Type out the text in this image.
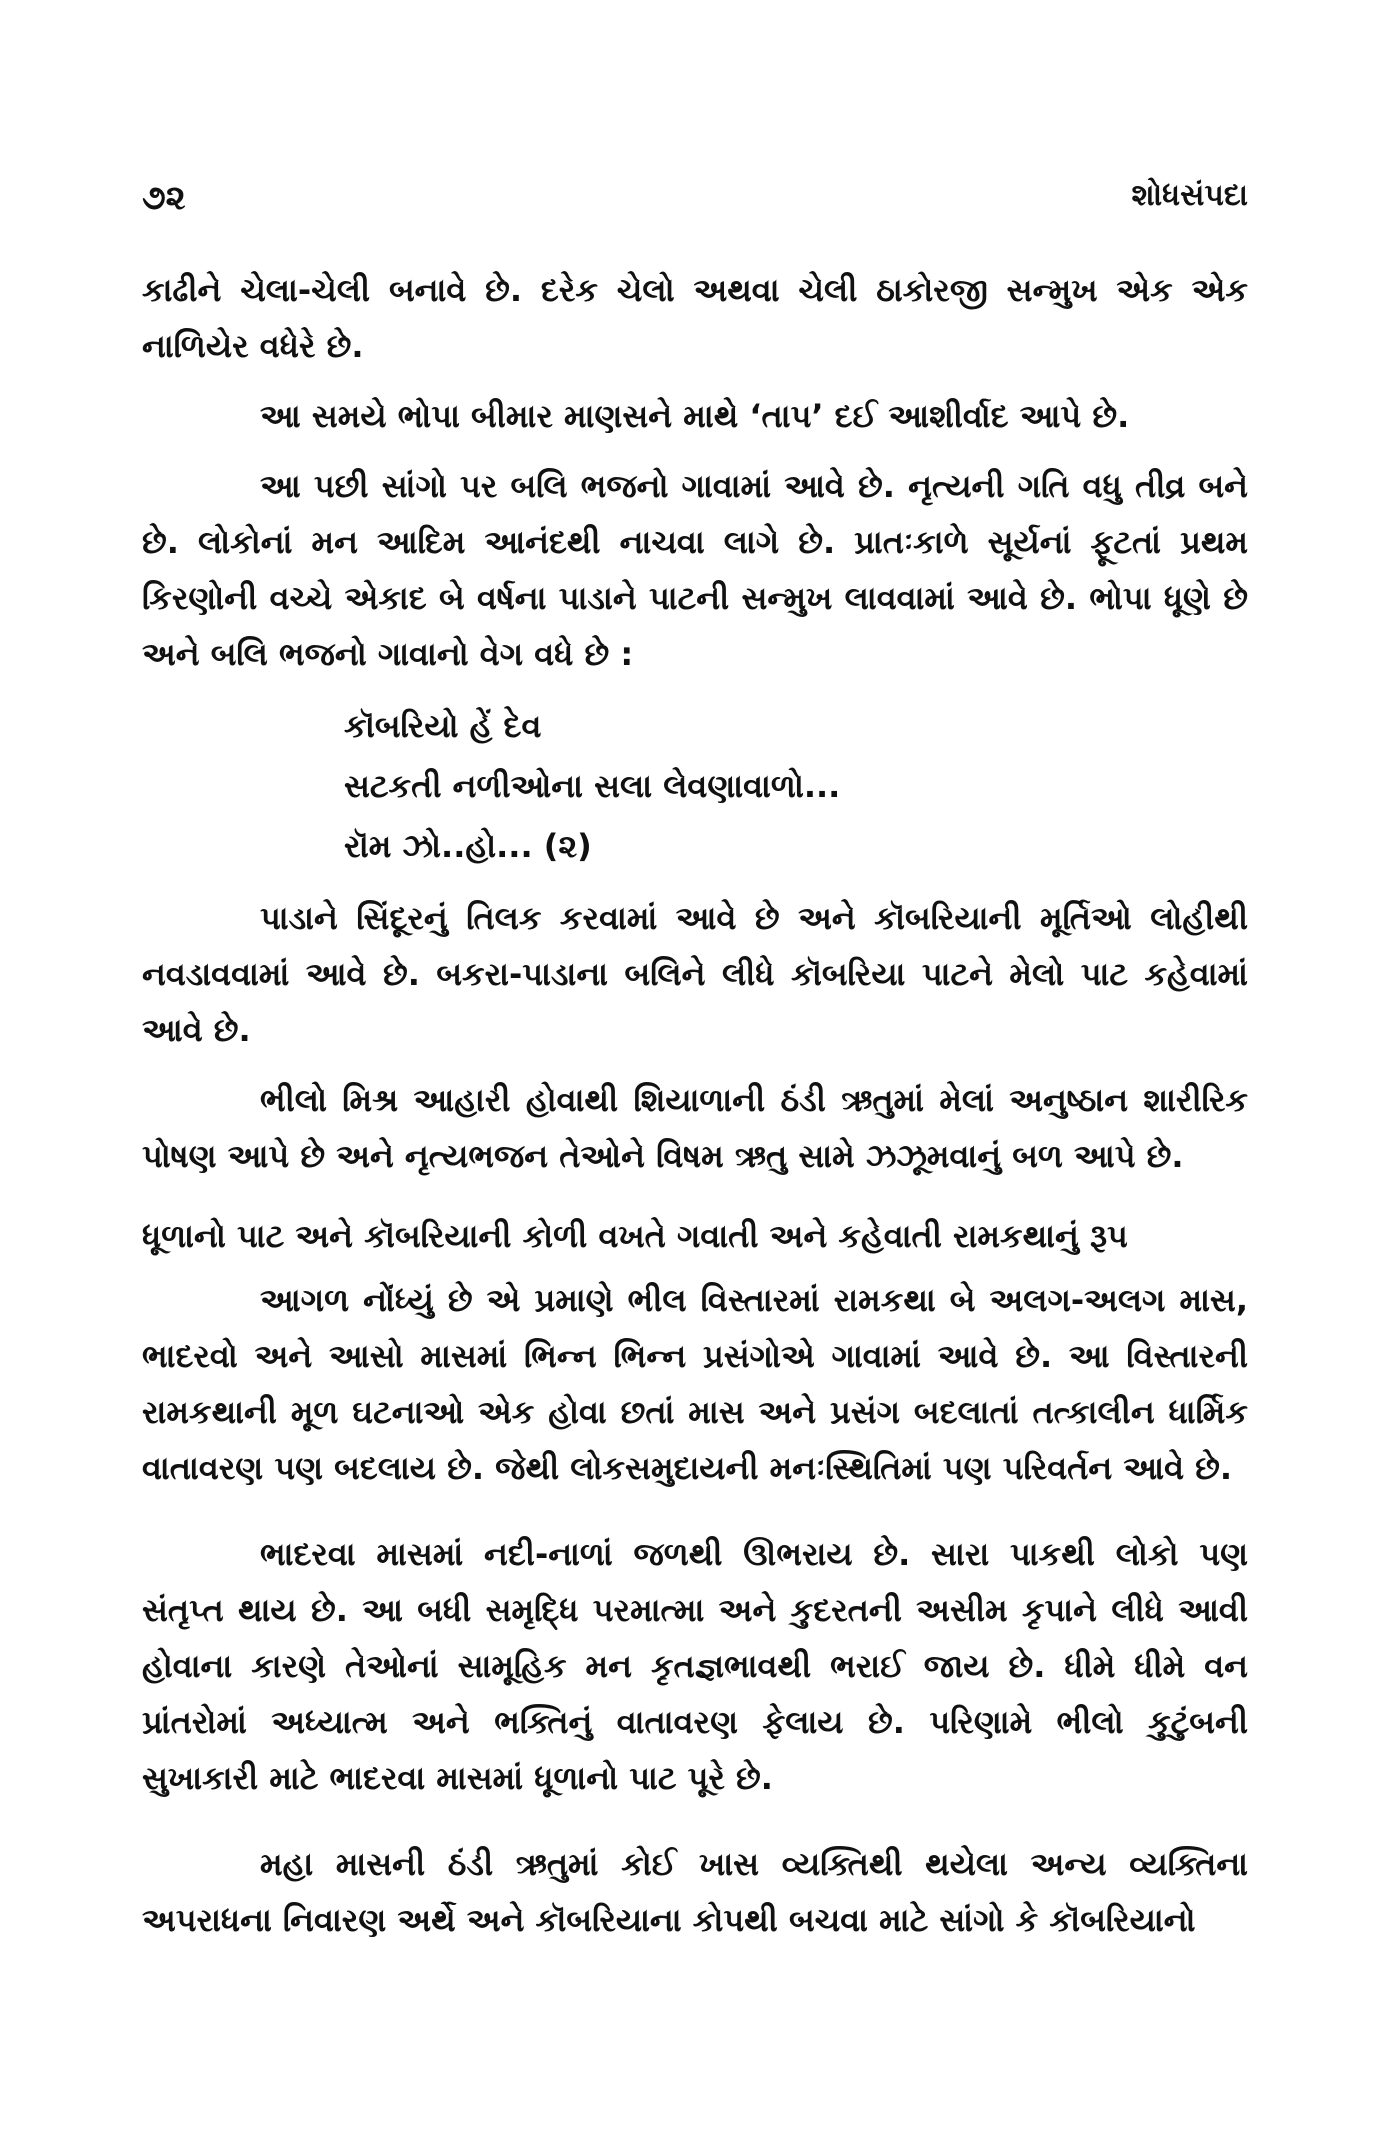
૭૨	શોધસંપદા

કાઢીને ચેલા-ચેલી બનાવે છે. દરેક ચેલો અથવા ચેલી ઠાકોરજી સન્મુખ એક એક નાળિયેર વધેરે છે.

આ સમયે ભોપા બીમાર માણસને માથે ‘તાપ’ દઈ આશીર્વાદ આપે છે.

આ પછી સાંગો પર બલિ ભજનો ગાવામાં આવે છે. નૃત્યની ગતિ વધુ તીવ્ર બને છે. લોકોનાં મન આદિમ આનંદથી નાચવા લાગે છે. પ્રાતઃકાળે સૂર્યનાં ફૂટતાં પ્રથમ કિરણોની વચ્ચે એકાદ બે વર્ષના પાડાને પાટની સન્મુખ લાવવામાં આવે છે. ભોપા ધૂણે છે અને બલિ ભજનો ગાવાનો વેગ વધે છે :

કૉબરિયો હેં દેવ
સટકતી નળીઓના સલા લેવણાવાળો...
રૉમ ઝો..હો... (૨)

પાડાને સિંદૂરનું તિલક કરવામાં આવે છે અને કૉબરિયાની મૂર્તિઓ લોહીથી નવડાવવામાં આવે છે. બકરા-પાડાના બલિને લીધે કૉબરિયા પાટને મેલો પાટ કહેવામાં આવે છે.

ભીલો મિશ્ર આહારી હોવાથી શિયાળાની ઠંડી ઋતુમાં મેલાં અનુષ્ઠાન શારીરિક પોષણ આપે છે અને નૃત્યભજન તેઓને વિષમ ઋતુ સામે ઝઝૂમવાનું બળ આપે છે.

ધૂળાનો પાટ અને કૉબરિયાની કોળી વખતે ગવાતી અને કહેવાતી રામકથાનું રૂપ

આગળ નોંધ્યું છે એ પ્રમાણે ભીલ વિસ્તારમાં રામકથા બે અલગ-અલગ માસ, ભાદરવો અને આસો માસમાં ભિન્ન ભિન્ન પ્રસંગોએ ગાવામાં આવે છે. આ વિસ્તારની રામકથાની મૂળ ઘટનાઓ એક હોવા છતાં માસ અને પ્રસંગ બદલાતાં તત્કાલીન ધાર્મિક વાતાવરણ પણ બદલાય છે. જેથી લોકસમુદાયની મનઃસ્થિતિમાં પણ પરિવર્તન આવે છે.

ભાદરવા માસમાં નદી-નાળાં જળથી ઊભરાય છે. સારા પાકથી લોકો પણ સંતૃપ્ત થાય છે. આ બધી સમૃદ્ધિ પરમાત્મા અને કુદરતની અસીમ કૃપાને લીધે આવી હોવાના કારણે તેઓનાં સામૂહિક મન કૃતજ્ઞભાવથી ભરાઈ જાય છે. ધીમે ધીમે વન પ્રાંતરોમાં અધ્યાત્મ અને ભક્તિનું વાતાવરણ ફેલાય છે. પરિણામે ભીલો કુટુંબની સુખાકારી માટે ભાદરવા માસમાં ધૂળાનો પાટ પૂરે છે.

મહા માસની ઠંડી ઋતુમાં કોઈ ખાસ વ્યક્તિથી થયેલા અન્ય વ્યક્તિના અપરાધના નિવારણ અર્થે અને કૉબરિયાના કોપથી બચવા માટે સાંગો કે કૉબરિયાનો
